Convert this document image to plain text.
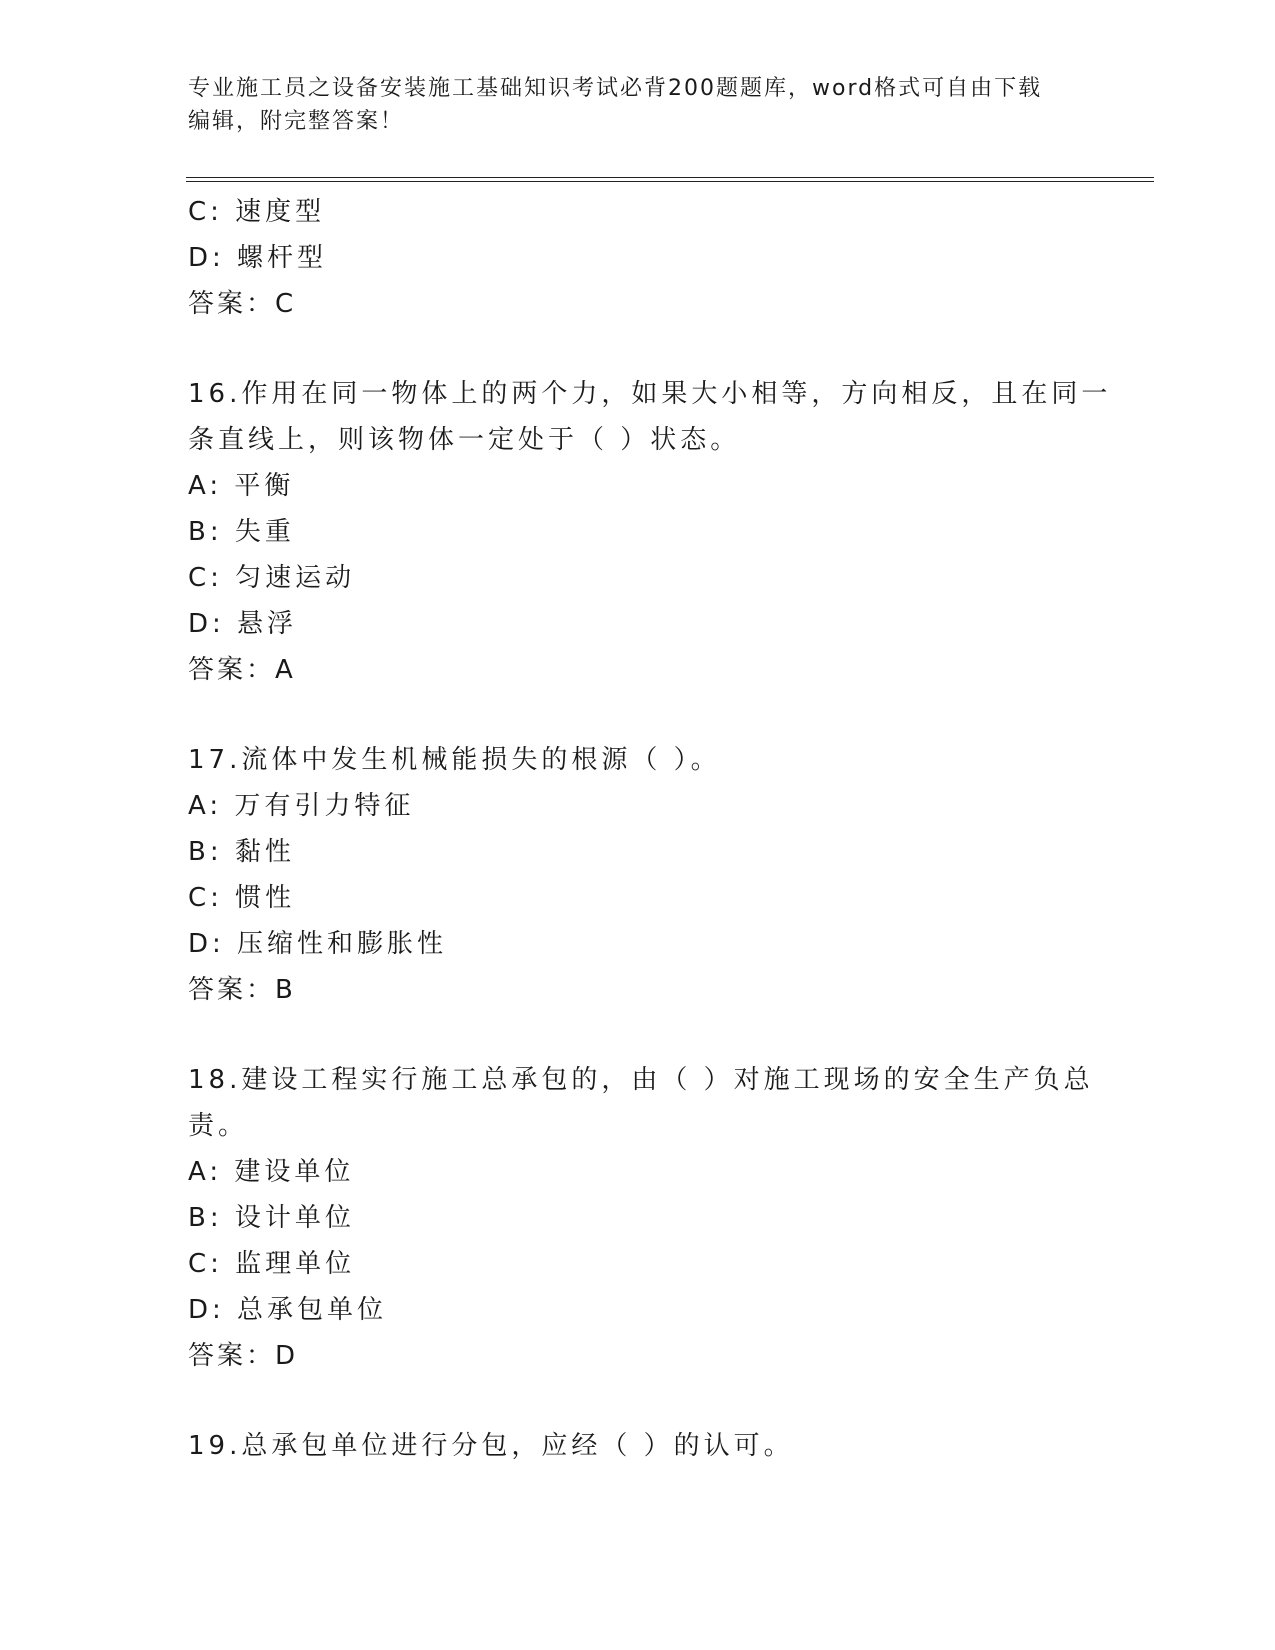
专业施工员之设备安装施工基础知识考试必背200题题库，word格式可自由下载
编辑，附完整答案！
C: 速度型
D: 螺杆型
答案：C
16.作用在同一物体上的两个力，如果大小相等，方向相反，且在同一
条直线上，则该物体一定处于（ ）状态。
A: 平衡
B: 失重
C: 匀速运动
D: 悬浮
答案：A
17.流体中发生机械能损失的根源（ ）。
A: 万有引力特征
B: 黏性
C: 惯性
D: 压缩性和膨胀性
答案：B
18.建设工程实行施工总承包的，由（ ）对施工现场的安全生产负总
责。
A: 建设单位
B: 设计单位
C: 监理单位
D: 总承包单位
答案：D
19.总承包单位进行分包，应经（ ）的认可。
